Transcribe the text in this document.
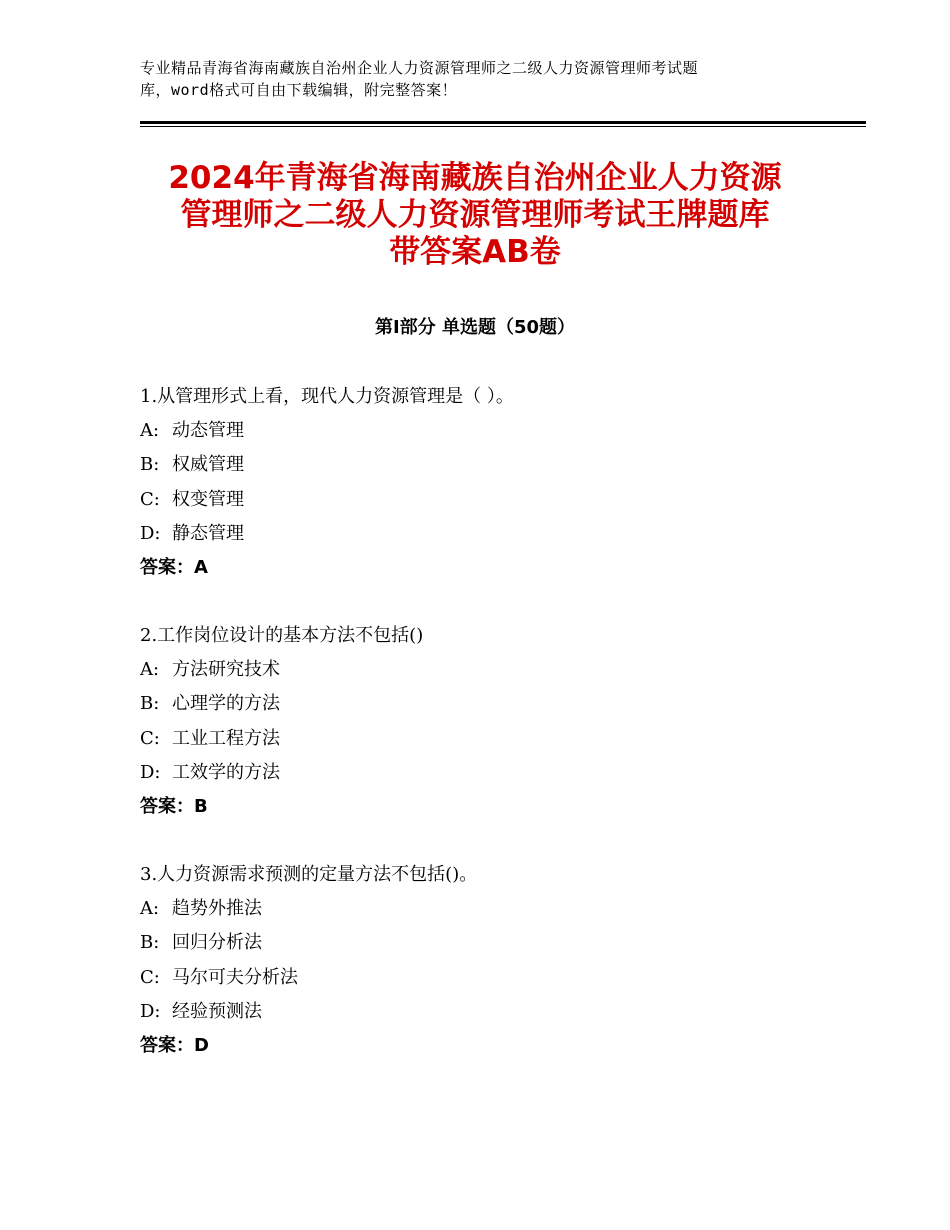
专业精品青海省海南藏族自治州企业人力资源管理师之二级人力资源管理师考试题
库，word格式可自由下载编辑，附完整答案！
2024年青海省海南藏族自治州企业人力资源
管理师之二级人力资源管理师考试王牌题库
带答案AB卷
第Ⅰ部分 单选题（50题）
1.从管理形式上看，现代人力资源管理是（ ）。
A: 动态管理
B: 权威管理
C: 权变管理
D: 静态管理
答案：A
2.工作岗位设计的基本方法不包括()
A: 方法研究技术
B: 心理学的方法
C: 工业工程方法
D: 工效学的方法
答案：B
3.人力资源需求预测的定量方法不包括()。
A: 趋势外推法
B: 回归分析法
C: 马尔可夫分析法
D: 经验预测法
答案：D
